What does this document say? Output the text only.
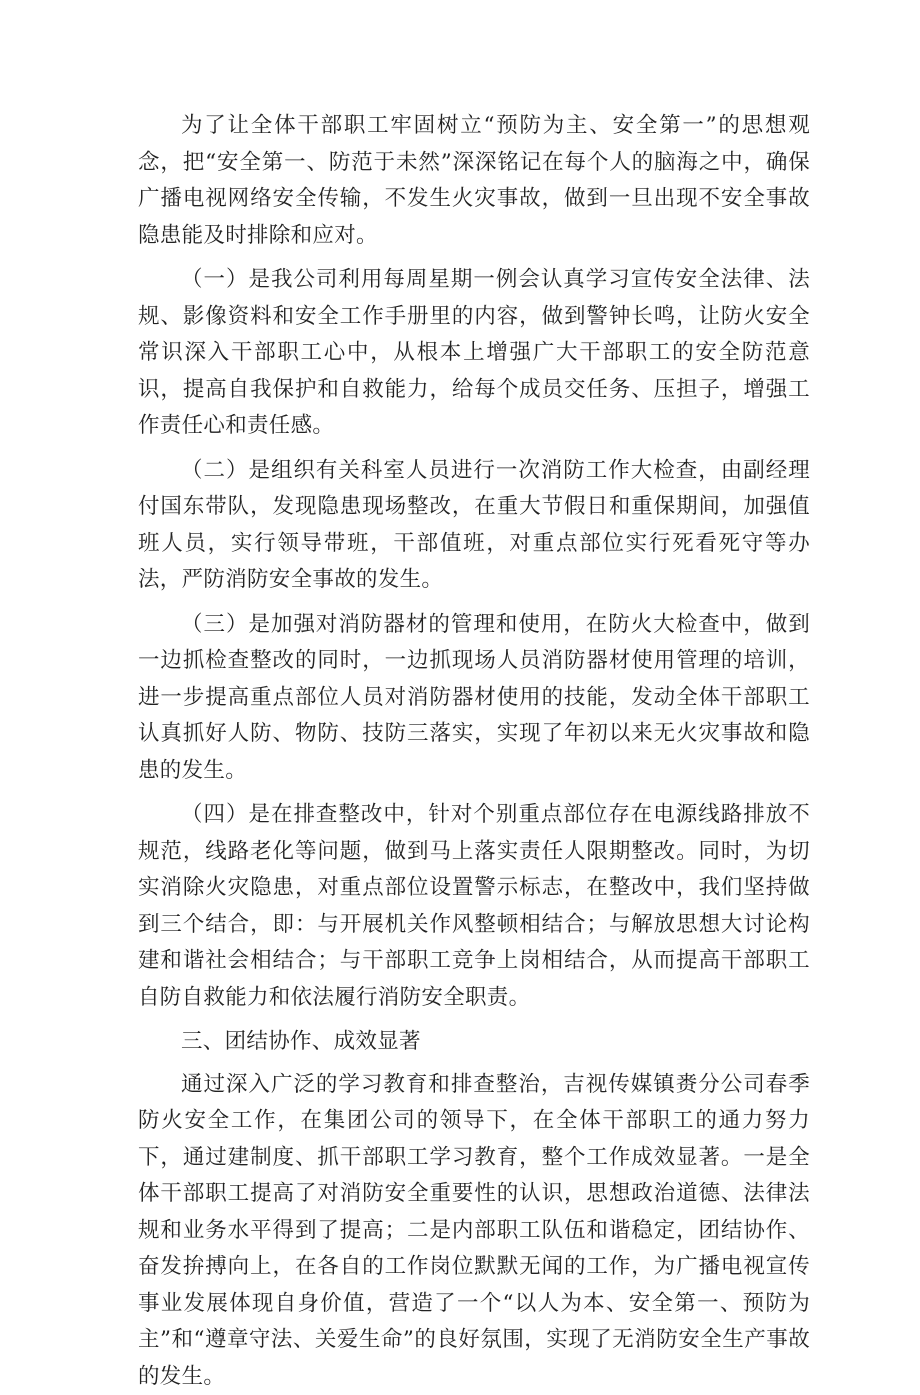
为了让全体干部职工牢固树立“预防为主、安全第一”的思想观念，把“安全第一、防范于未然”深深铭记在每个人的脑海之中，确保广播电视网络安全传输，不发生火灾事故，做到一旦出现不安全事故隐患能及时排除和应对。

（一）是我公司利用每周星期一例会认真学习宣传安全法律、法规、影像资料和安全工作手册里的内容，做到警钟长鸣，让防火安全常识深入干部职工心中，从根本上增强广大干部职工的安全防范意识，提高自我保护和自救能力，给每个成员交任务、压担子，增强工作责任心和责任感。

（二）是组织有关科室人员进行一次消防工作大检查，由副经理付国东带队，发现隐患现场整改，在重大节假日和重保期间，加强值班人员，实行领导带班，干部值班，对重点部位实行死看死守等办法，严防消防安全事故的发生。

（三）是加强对消防器材的管理和使用，在防火大检查中，做到一边抓检查整改的同时，一边抓现场人员消防器材使用管理的培训，进一步提高重点部位人员对消防器材使用的技能，发动全体干部职工认真抓好人防、物防、技防三落实，实现了年初以来无火灾事故和隐患的发生。

（四）是在排查整改中，针对个别重点部位存在电源线路排放不规范，线路老化等问题，做到马上落实责任人限期整改。同时，为切实消除火灾隐患，对重点部位设置警示标志，在整改中，我们坚持做到三个结合，即：与开展机关作风整顿相结合；与解放思想大讨论构建和谐社会相结合；与干部职工竞争上岗相结合，从而提高干部职工自防自救能力和依法履行消防安全职责。

三、团结协作、成效显著

通过深入广泛的学习教育和排查整治，吉视传媒镇赉分公司春季防火安全工作，在集团公司的领导下，在全体干部职工的通力努力下，通过建制度、抓干部职工学习教育，整个工作成效显著。一是全体干部职工提高了对消防安全重要性的认识，思想政治道德、法律法规和业务水平得到了提高；二是内部职工队伍和谐稳定，团结协作、奋发拚搏向上，在各自的工作岗位默默无闻的工作，为广播电视宣传事业发展体现自身价值，营造了一个“以人为本、安全第一、预防为主”和“遵章守法、关爱生命”的良好氛围，实现了无消防安全生产事故的发生。
